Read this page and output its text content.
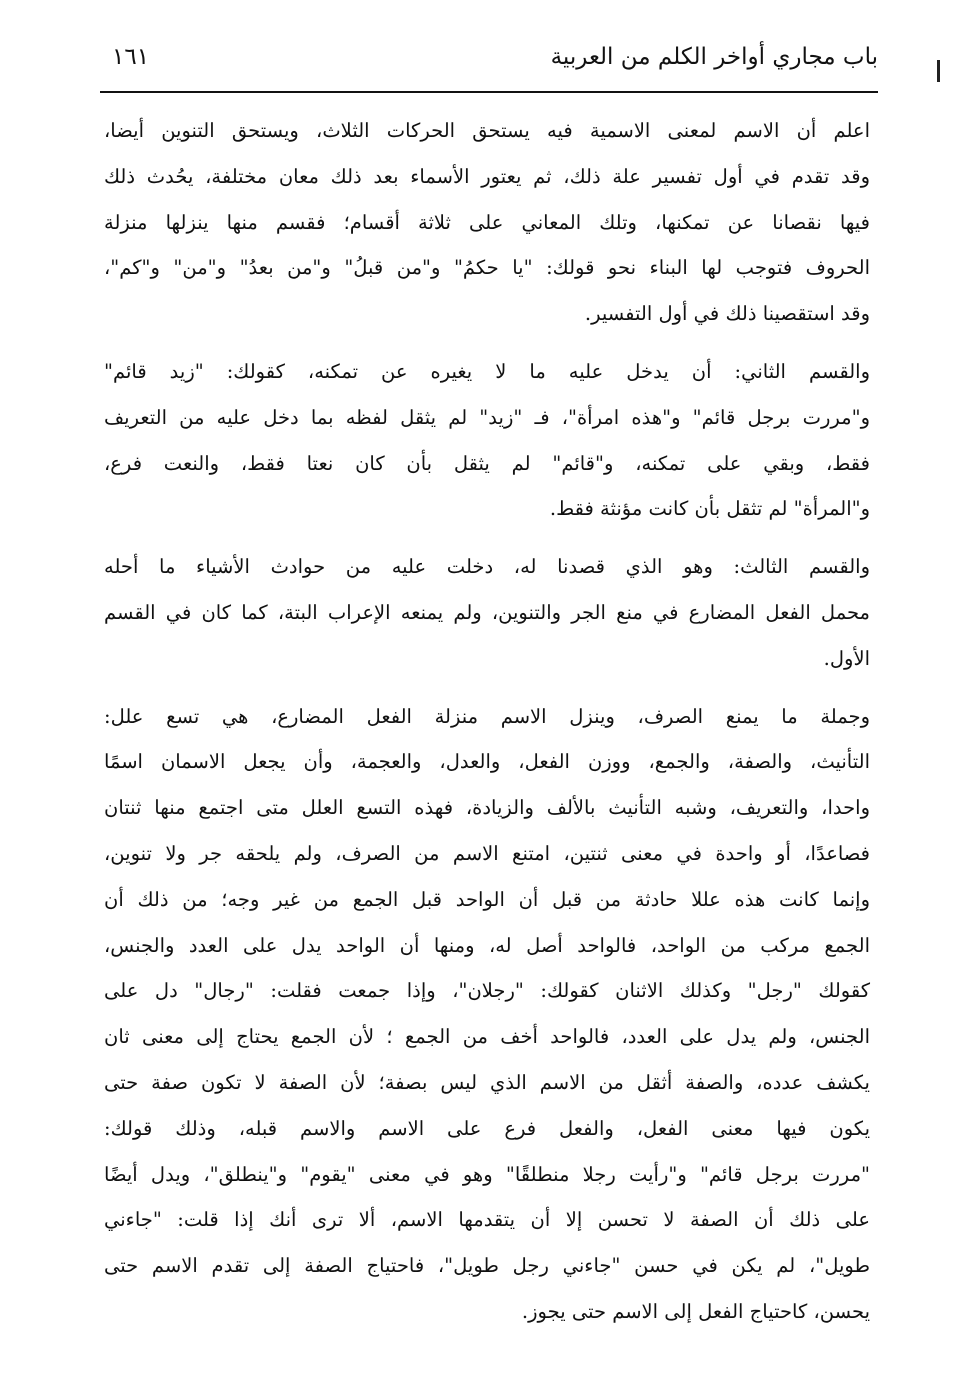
باب مجاري أواخر الكلم من العربية
١٦١
اعلم أن الاسم لمعنى الاسمية فيه يستحق الحركات الثلاث، ويستحق التنوين أيضا،
وقد تقدم في أول تفسير علة ذلك، ثم يعتور الأسماء بعد ذلك معان مختلفة، يحُدث ذلك
فيها نقصانا عن تمكنها، وتلك المعاني على ثلاثة أقسام؛ فقسم منها ينزلها منزلة
الحروف فتوجب لها البناء نحو قولك: "يا حكمُ" و"من قبلُ" و"من بعدُ" و"من" و"كم"،
وقد استقصينا ذلك في أول التفسير.
والقسم الثاني: أن يدخل عليه ما لا يغيره عن تمكنه، كقولك: "زيد قائم"
و"مررت برجل قائم" و"هذه امرأة"، فـ "زيد" لم يثقل لفظه بما دخل عليه من التعريف
فقط، وبقي على تمكنه، و"قائم" لم يثقل بأن كان نعتا فقط، والنعت فرع،
و"المرأة" لم تثقل بأن كانت مؤنثة فقط.
والقسم الثالث: وهو الذي قصدنا له، دخلت عليه من حوادث الأشياء ما أحله
محمل الفعل المضارع في منع الجر والتنوين، ولم يمنعه الإعراب البتة، كما كان في القسم
الأول.
وجملة ما يمنع الصرف، وينزل الاسم منزلة الفعل المضارع، هي تسع علل:
التأنيث، والصفة، والجمع، ووزن الفعل، والعدل، والعجمة، وأن يجعل الاسمان اسمًا
واحدا، والتعريف، وشبه التأنيث بالألف والزيادة، فهذه التسع العلل متى اجتمع منها ثنتان
فصاعدًا، أو واحدة في معنى ثنتين، امتنع الاسم من الصرف، ولم يلحقه جر ولا تنوين،
وإنما كانت هذه عللا حادثة من قبل أن الواحد قبل الجمع من غير وجه؛ من ذلك أن
الجمع مركب من الواحد، فالواحد أصل له، ومنها أن الواحد يدل على العدد والجنس،
كقولك "رجل" وكذلك الاثنان كقولك: "رجلان"، وإذا جمعت فقلت: "رجال" دل على
الجنس، ولم يدل على العدد، فالواحد أخف من الجمع ؛ لأن الجمع يحتاج إلى معنى ثان
يكشف عدده، والصفة أثقل من الاسم الذي ليس بصفة؛ لأن الصفة لا تكون صفة حتى
يكون فيها معنى الفعل، والفعل فرع على الاسم والاسم قبله، وذلك قولك:
"مررت برجل قائم" و"رأيت رجلا منطلقًا" وهو في معنى "يقوم" و"ينطلق"، ويدل أيضًا
على ذلك أن الصفة لا تحسن إلا أن يتقدمها الاسم، ألا ترى أنك إذا قلت: "جاءني
طويل"، لم يكن في حسن "جاءني رجل طويل"، فاحتياج الصفة إلى تقدم الاسم حتى
يحسن، كاحتياج الفعل إلى الاسم حتى يجوز.
